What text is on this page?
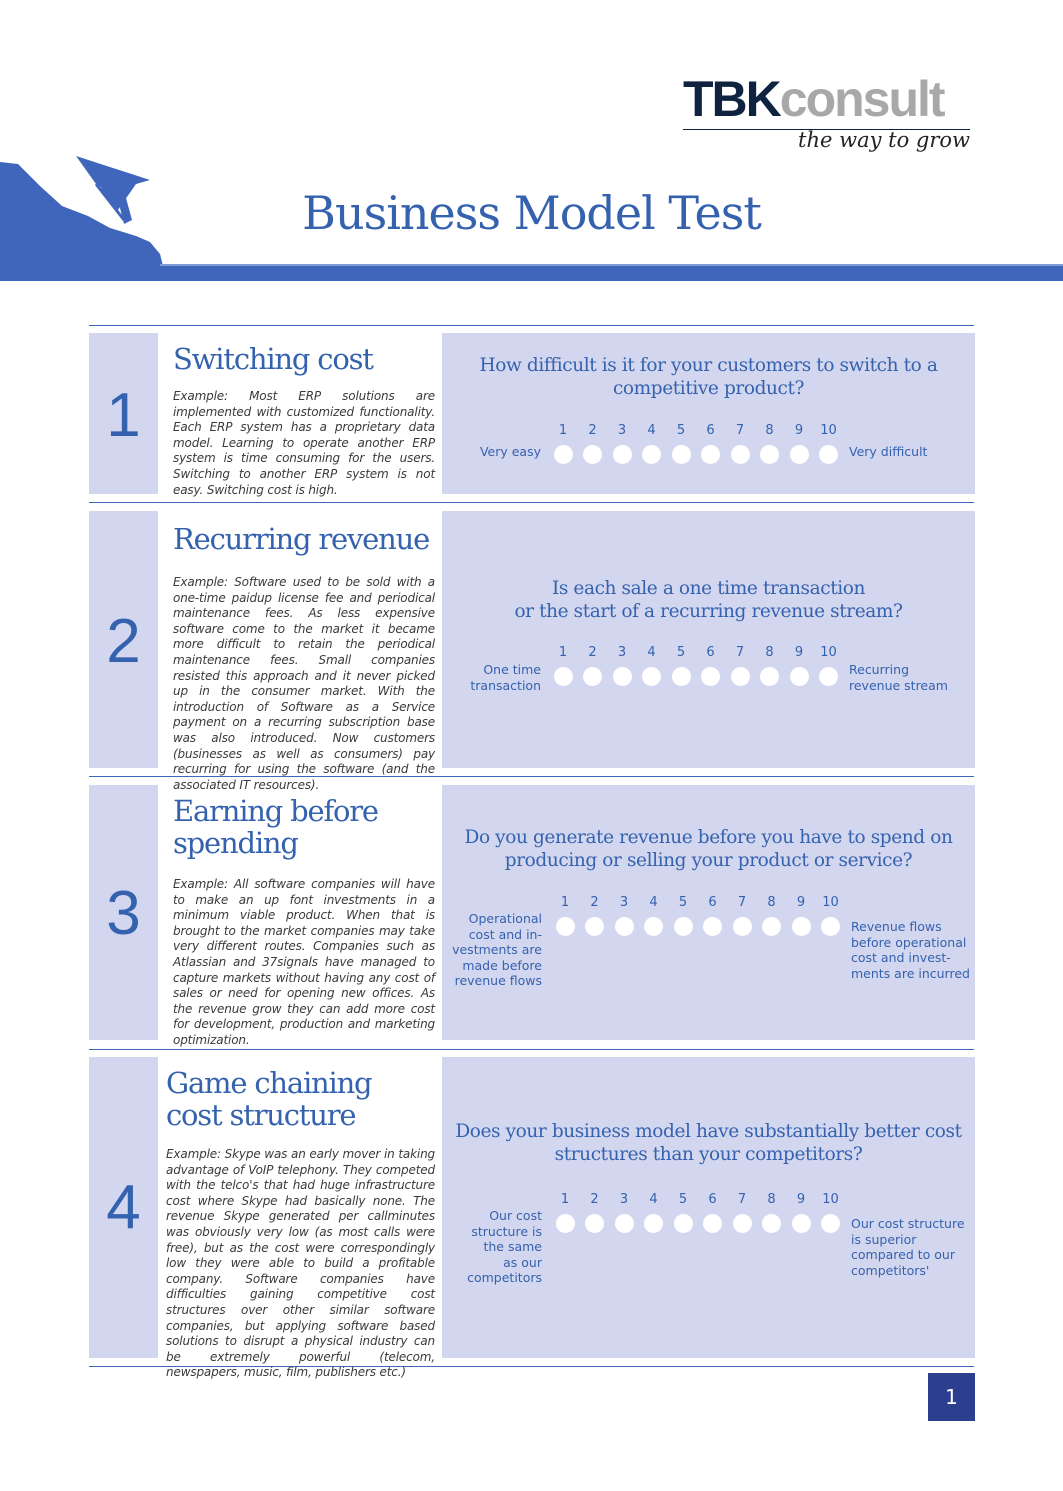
TBKconsult
the way to grow
Business Model Test
1

Switching cost

Example: Most ERP solutions are implemented with customized functionality. Each ERP system has a proprietary data model. Learning to operate another ERP system is time consuming for the users. Switching to another ERP system is not easy. Switching cost is high.

How difficult is it for your customers to switch to a
competitive product?
Very easy
1	2	3	4	5	6	7	8	9	10
Very difficult
2

Recurring revenue

Example: Software used to be sold with a one-time paidup license fee and periodical maintenance fees. As less expensive software come to the market it became more difficult to retain the periodical maintenance fees. Small companies resisted this approach and it never picked up in the consumer market. With the introduction of Software as a Service payment on a recurring subscription base was also introduced. Now customers (businesses as well as consumers) pay recurring for using the software (and the associated IT resources).

Is each sale a one time transaction
or the start of a recurring revenue stream?
One time
transaction
1	2	3	4	5	6	7	8	9	10
Recurring
revenue stream
3

Earning before

spending

Example: All software companies will have to make an up font investments in a minimum viable product. When that is brought to the market companies may take very different routes. Companies such as Atlassian and 37signals have managed to capture markets without having any cost of sales or need for opening new offices. As the revenue grow they can add more cost for development, production and marketing optimization.

Do you generate revenue before you have to spend on
producing or selling your product or service?
Operational
cost and in-
vestments are
made before
revenue flows
1	2	3	4	5	6	7	8	9	10
Revenue flows
before operational
cost and invest-
ments are incurred
4

Game chaining

cost structure

Example: Skype was an early mover in taking advantage of VoIP telephony. They competed with the telco's that had huge infrastructure cost where Skype had basically none. The revenue Skype generated per callminutes was obviously very low (as most calls were free), but as the cost were correspondingly low they were able to build a profitable company. Software companies have difficulties gaining competitive cost structures over other similar software companies, but applying software based solutions to disrupt a physical industry can be extremely powerful (telecom, newspapers, music, film, publishers etc.)

Does your business model have substantially better cost
structures than your competitors?
Our cost
structure is
the same
as our
competitors
1	2	3	4	5	6	7	8	9	10
Our cost structure
is superior
compared to our
competitors'
1
